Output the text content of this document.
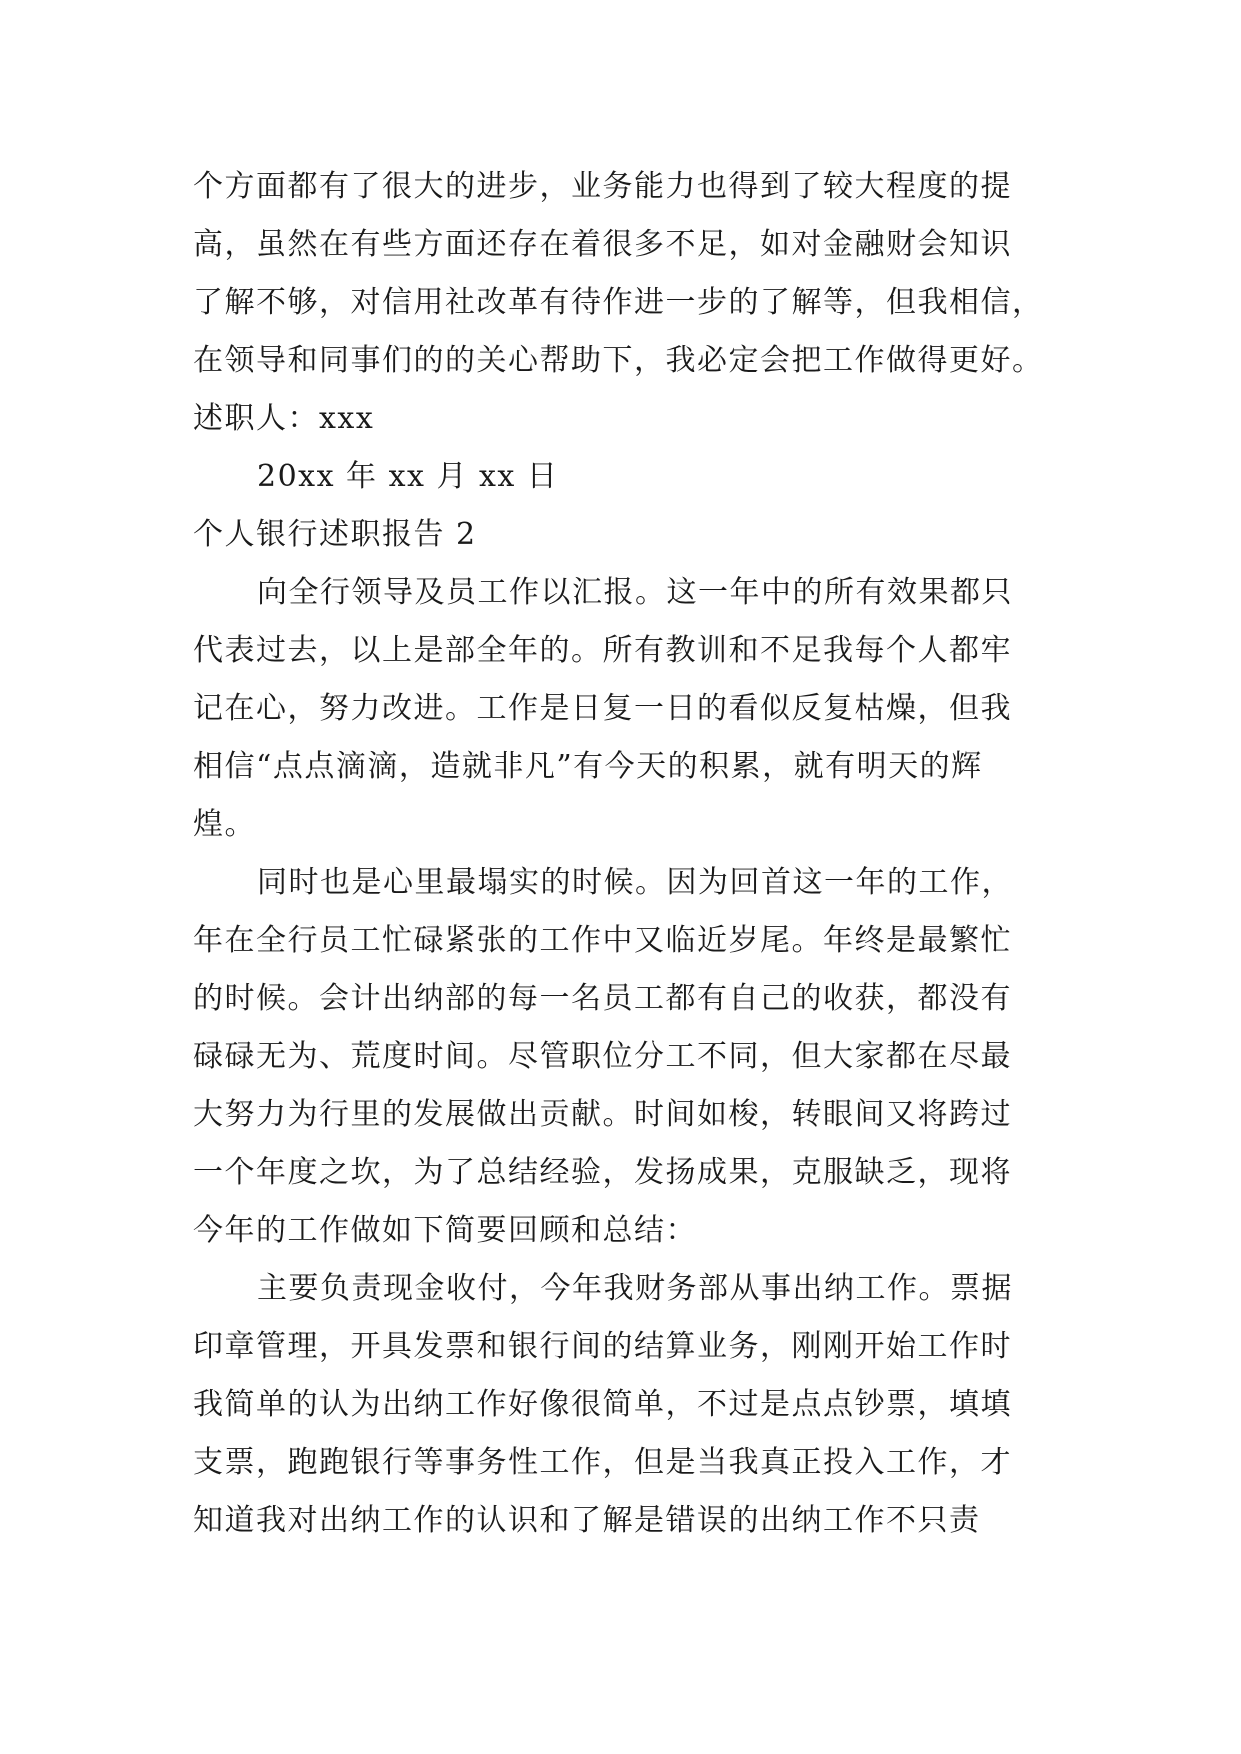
个方面都有了很大的进步，业务能力也得到了较大程度的提
高，虽然在有些方面还存在着很多不足，如对金融财会知识
了解不够，对信用社改革有待作进一步的了解等，但我相信，
在领导和同事们的的关心帮助下，我必定会把工作做得更好。
述职人：xxx
20xx 年 xx 月 xx 日
个人银行述职报告 2
向全行领导及员工作以汇报。这一年中的所有效果都只
代表过去，以上是部全年的。所有教训和不足我每个人都牢
记在心，努力改进。工作是日复一日的看似反复枯燥，但我
相信“点点滴滴，造就非凡”有今天的积累，就有明天的辉
煌。
同时也是心里最塌实的时候。因为回首这一年的工作，
年在全行员工忙碌紧张的工作中又临近岁尾。年终是最繁忙
的时候。会计出纳部的每一名员工都有自己的收获，都没有
碌碌无为、荒度时间。尽管职位分工不同，但大家都在尽最
大努力为行里的发展做出贡献。时间如梭，转眼间又将跨过
一个年度之坎，为了总结经验，发扬成果，克服缺乏，现将
今年的工作做如下简要回顾和总结：
主要负责现金收付，今年我财务部从事出纳工作。票据
印章管理，开具发票和银行间的结算业务，刚刚开始工作时
我简单的认为出纳工作好像很简单，不过是点点钞票，填填
支票，跑跑银行等事务性工作，但是当我真正投入工作，才
知道我对出纳工作的认识和了解是错误的出纳工作不只责
